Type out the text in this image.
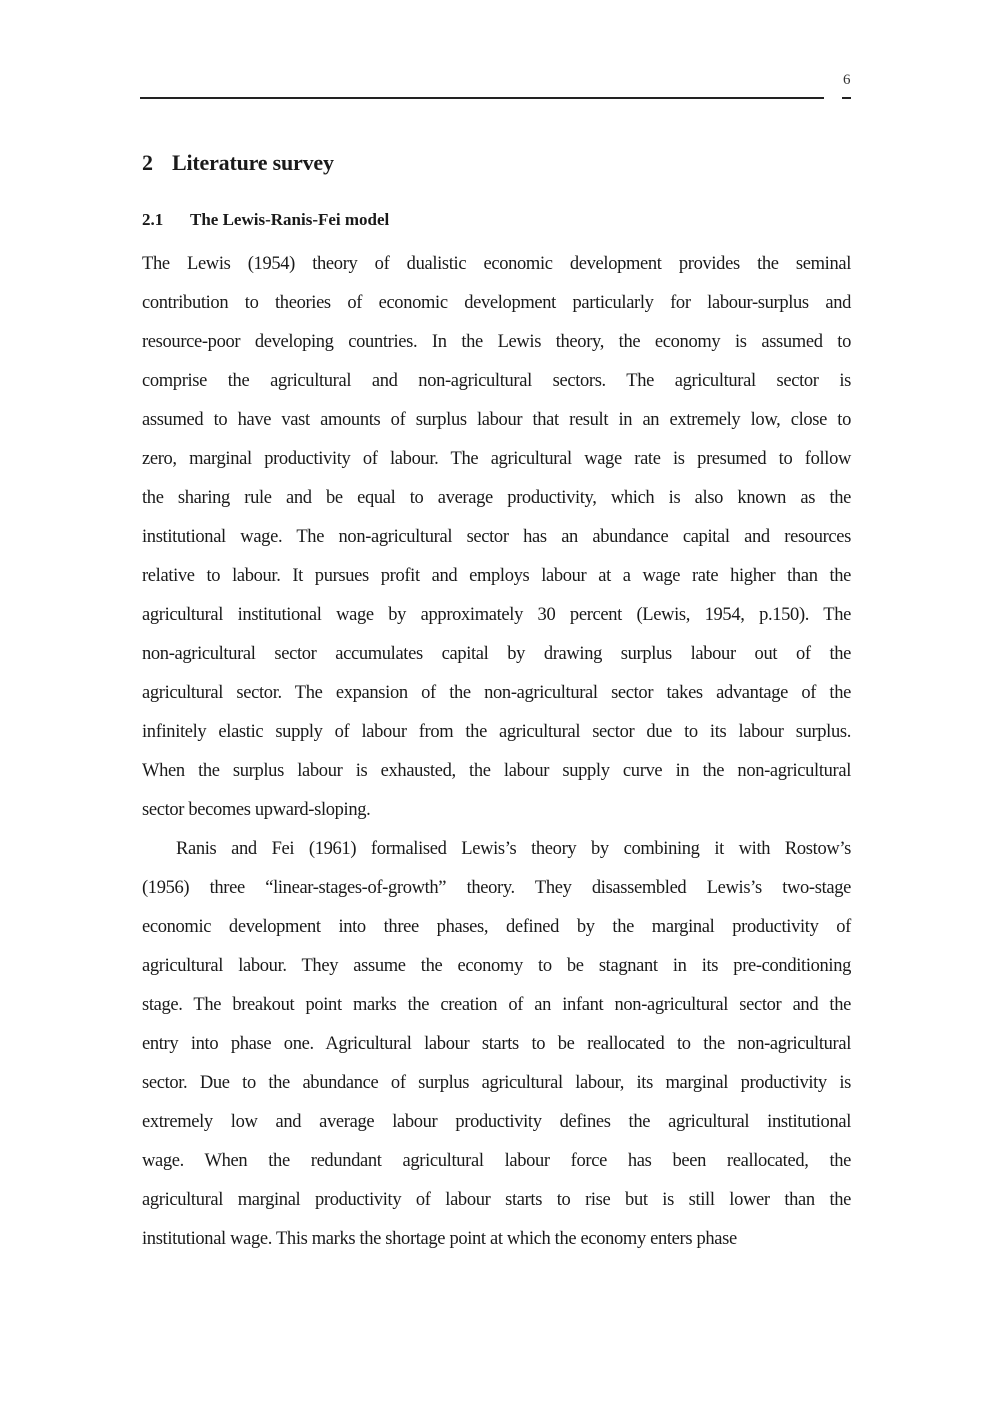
6
2 Literature survey
2.1 The Lewis-Ranis-Fei model
The Lewis (1954) theory of dualistic economic development provides the seminal
contribution to theories of economic development particularly for labour-surplus and
resource-poor developing countries. In the Lewis theory, the economy is assumed to
comprise the agricultural and non-agricultural sectors. The agricultural sector is
assumed to have vast amounts of surplus labour that result in an extremely low, close to
zero, marginal productivity of labour. The agricultural wage rate is presumed to follow
the sharing rule and be equal to average productivity, which is also known as the
institutional wage. The non-agricultural sector has an abundance capital and resources
relative to labour. It pursues profit and employs labour at a wage rate higher than the
agricultural institutional wage by approximately 30 percent (Lewis, 1954, p.150). The
non-agricultural sector accumulates capital by drawing surplus labour out of the
agricultural sector. The expansion of the non-agricultural sector takes advantage of the
infinitely elastic supply of labour from the agricultural sector due to its labour surplus.
When the surplus labour is exhausted, the labour supply curve in the non-agricultural
sector becomes upward-sloping.
Ranis and Fei (1961) formalised Lewis’s theory by combining it with Rostow’s
(1956) three “linear-stages-of-growth” theory. They disassembled Lewis’s two-stage
economic development into three phases, defined by the marginal productivity of
agricultural labour. They assume the economy to be stagnant in its pre-conditioning
stage. The breakout point marks the creation of an infant non-agricultural sector and the
entry into phase one. Agricultural labour starts to be reallocated to the non-agricultural
sector. Due to the abundance of surplus agricultural labour, its marginal productivity is
extremely low and average labour productivity defines the agricultural institutional
wage. When the redundant agricultural labour force has been reallocated, the
agricultural marginal productivity of labour starts to rise but is still lower than the
institutional wage. This marks the shortage point at which the economy enters phase
